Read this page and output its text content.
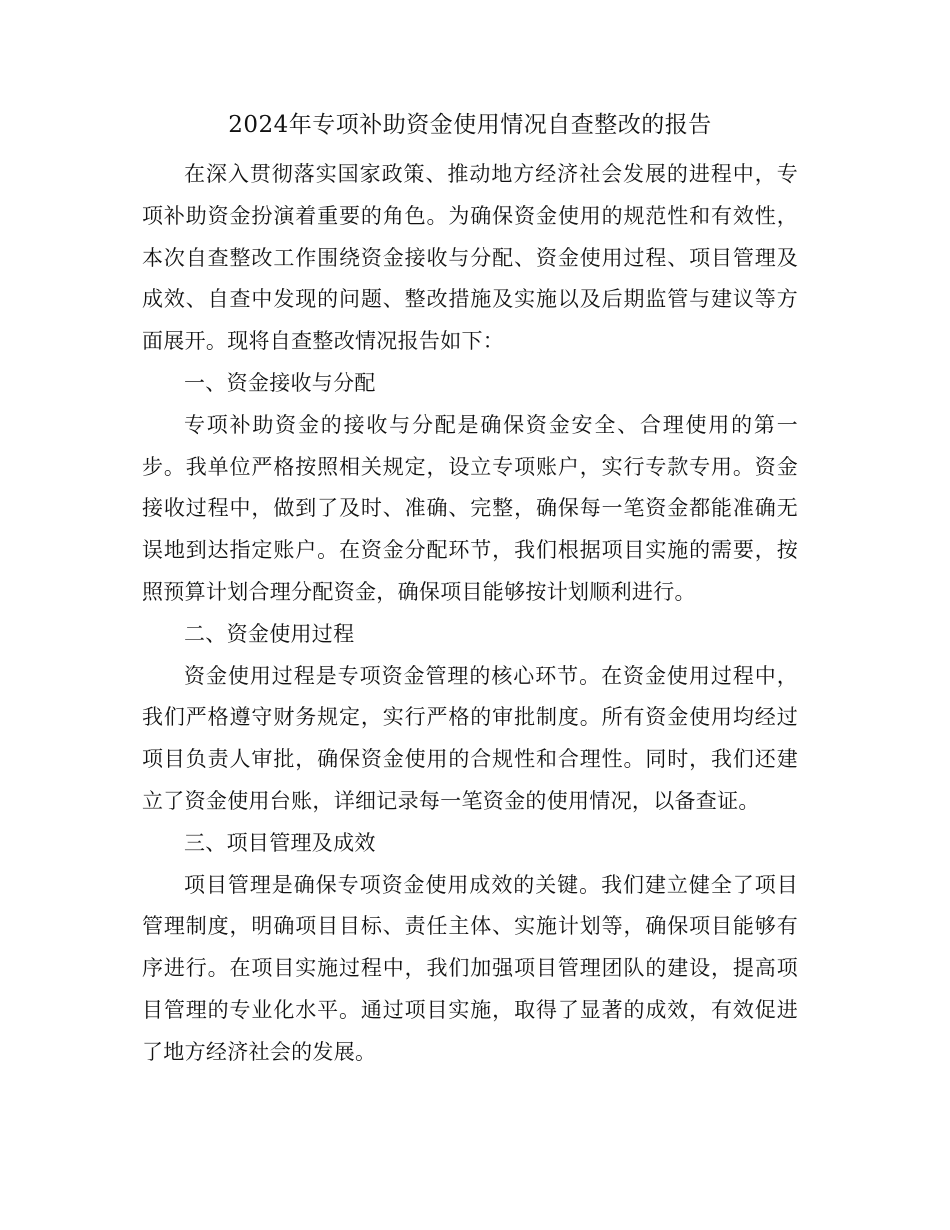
2024年专项补助资金使用情况自查整改的报告

在深入贯彻落实国家政策、推动地方经济社会发展的进程中，专项补助资金扮演着重要的角色。为确保资金使用的规范性和有效性，本次自查整改工作围绕资金接收与分配、资金使用过程、项目管理及成效、自查中发现的问题、整改措施及实施以及后期监管与建议等方面展开。现将自查整改情况报告如下：

一、资金接收与分配

专项补助资金的接收与分配是确保资金安全、合理使用的第一步。我单位严格按照相关规定，设立专项账户，实行专款专用。资金接收过程中，做到了及时、准确、完整，确保每一笔资金都能准确无误地到达指定账户。在资金分配环节，我们根据项目实施的需要，按照预算计划合理分配资金，确保项目能够按计划顺利进行。

二、资金使用过程

资金使用过程是专项资金管理的核心环节。在资金使用过程中，我们严格遵守财务规定，实行严格的审批制度。所有资金使用均经过项目负责人审批，确保资金使用的合规性和合理性。同时，我们还建立了资金使用台账，详细记录每一笔资金的使用情况，以备查证。

三、项目管理及成效

项目管理是确保专项资金使用成效的关键。我们建立健全了项目管理制度，明确项目目标、责任主体、实施计划等，确保项目能够有序进行。在项目实施过程中，我们加强项目管理团队的建设，提高项目管理的专业化水平。通过项目实施，取得了显著的成效，有效促进了地方经济社会的发展。
